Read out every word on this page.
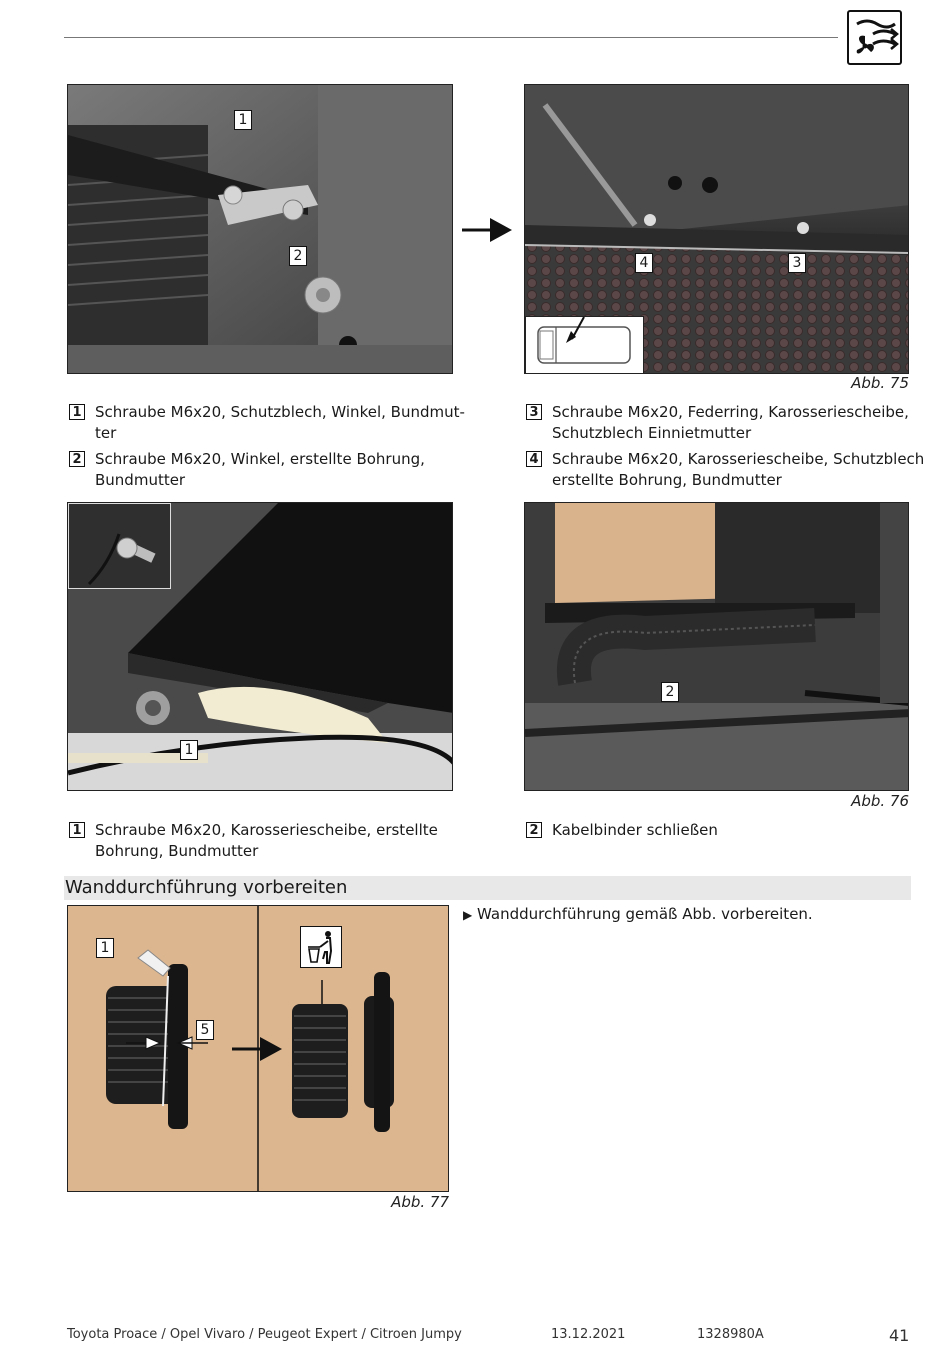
1
2	4	3
Abb. 75
1 Schraube M6x20, Schutzblech, Winkel, Bundmut-
ter
2 Schraube M6x20, Winkel, erstellte Bohrung,
Bundmutter
3 Schraube M6x20, Federring, Karosseriescheibe,
Schutzblech Einnietmutter
4 Schraube M6x20, Karosseriescheibe, Schutzblech
erstellte Bohrung, Bundmutter
1
2
Abb. 76
1 Schraube M6x20, Karosseriescheibe, erstellte
Bohrung, Bundmutter
2 Kabelbinder schließen
Wanddurchführung vorbereiten
1
5
Abb. 77
▶ Wanddurchführung gemäß Abb. vorbereiten.
Toyota Proace / Opel Vivaro / Peugeot Expert / Citroen Jumpy	13.12.2021	1328980A	41
